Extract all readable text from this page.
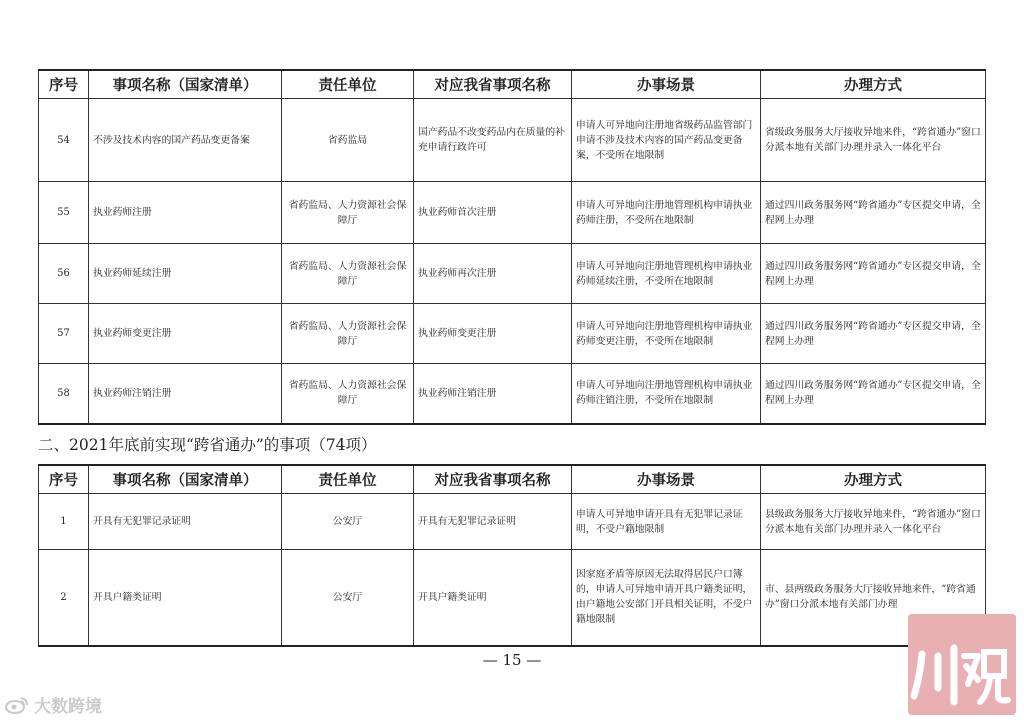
序号	事项名称（国家清单）	责任单位	对应我省事项名称	办事场景	办理方式
54	不涉及技术内容的国产药品变更备案	省药监局	国产药品不改变药品内在质量的补充申请行政许可	申请人可异地向注册地省级药品监管部门申请不涉及技术内容的国产药品变更备案，不受所在地限制	省级政务服务大厅接收异地来件，“跨省通办”窗口分派本地有关部门办理并录入一体化平台
55	执业药师注册	省药监局、人力资源社会保障厅	执业药师首次注册	申请人可异地向注册地管理机构申请执业药师注册，不受所在地限制	通过四川政务服务网“跨省通办”专区提交申请，全程网上办理
56	执业药师延续注册	省药监局、人力资源社会保障厅	执业药师再次注册	申请人可异地向注册地管理机构申请执业药师延续注册，不受所在地限制	通过四川政务服务网“跨省通办”专区提交申请，全程网上办理
57	执业药师变更注册	省药监局、人力资源社会保障厅	执业药师变更注册	申请人可异地向注册地管理机构申请执业药师变更注册，不受所在地限制	通过四川政务服务网“跨省通办”专区提交申请，全程网上办理
58	执业药师注销注册	省药监局、人力资源社会保障厅	执业药师注销注册	申请人可异地向注册地管理机构申请执业药师注销注册，不受所在地限制	通过四川政务服务网“跨省通办”专区提交申请，全程网上办理
二、2021年底前实现“跨省通办”的事项（74项）
序号	事项名称（国家清单）	责任单位	对应我省事项名称	办事场景	办理方式
1	开具有无犯罪记录证明	公安厅	开具有无犯罪记录证明	申请人可异地申请开具有无犯罪记录证明，不受户籍地限制	县级政务服务大厅接收异地来件，“跨省通办”窗口分派本地有关部门办理并录入一体化平台
2	开具户籍类证明	公安厅	开具户籍类证明	因家庭矛盾等原因无法取得居民户口簿的，申请人可异地申请开具户籍类证明，由户籍地公安部门开具相关证明，不受户籍地限制	市、县两级政务服务大厅接收异地来件，“跨省通办”窗口分派本地有关部门办理
— 15 —
大数跨境
